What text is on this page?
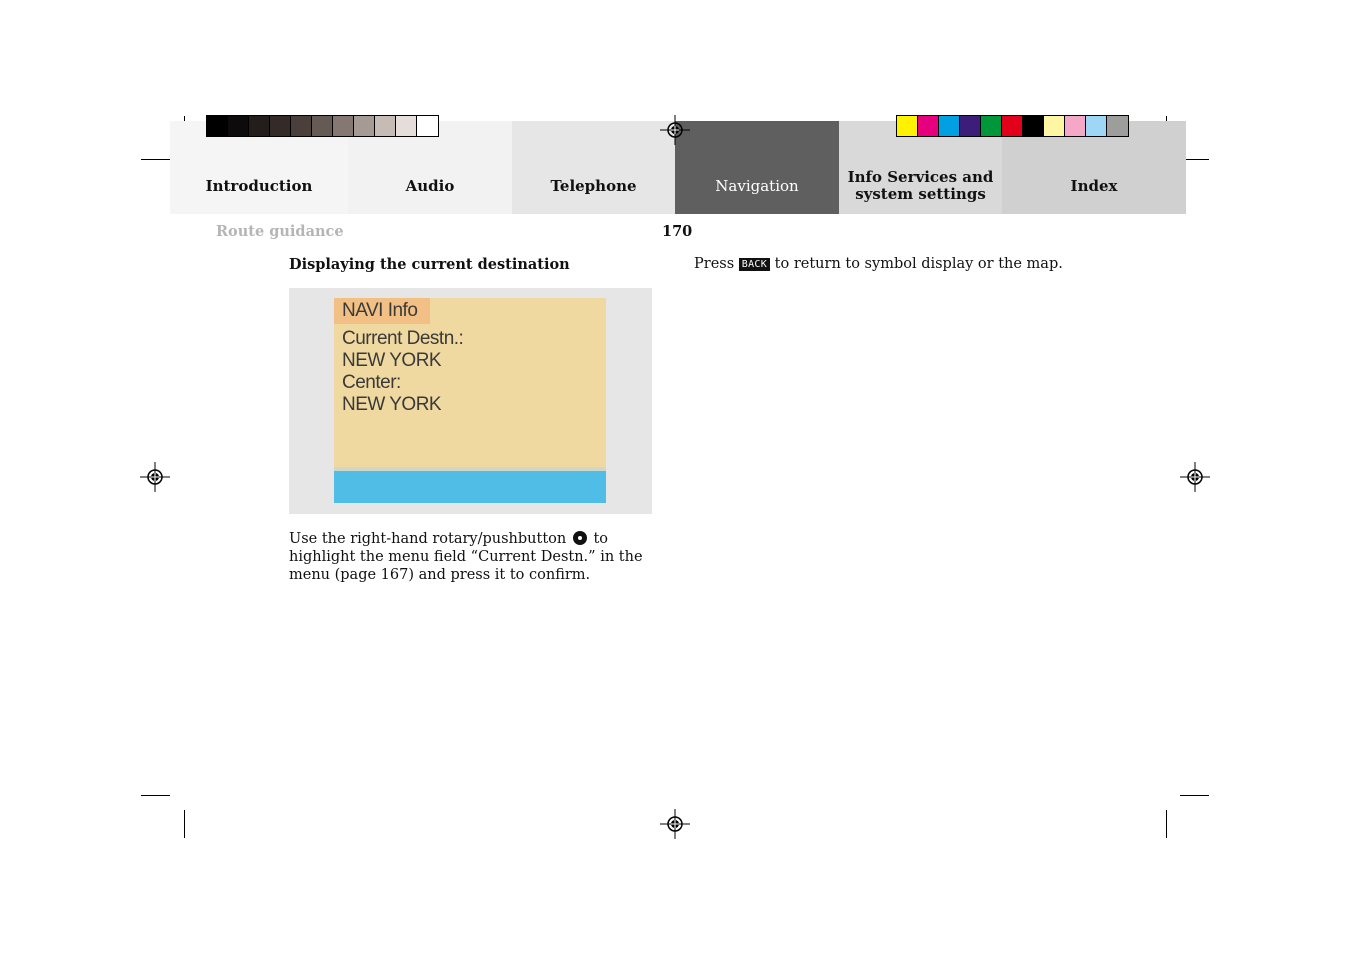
Introduction	Audio	Telephone	Navigation	Info Services and
system settings	Index
Route guidance	170
Displaying the current destination
NAVI Info
Current Destn.:
NEW YORK
Center:
NEW YORK
Use the right-hand rotary/pushbutton  to highlight the menu field “Current Destn.” in the menu (page 167) and press it to confirm.
Press BACK to return to symbol display or the map.
